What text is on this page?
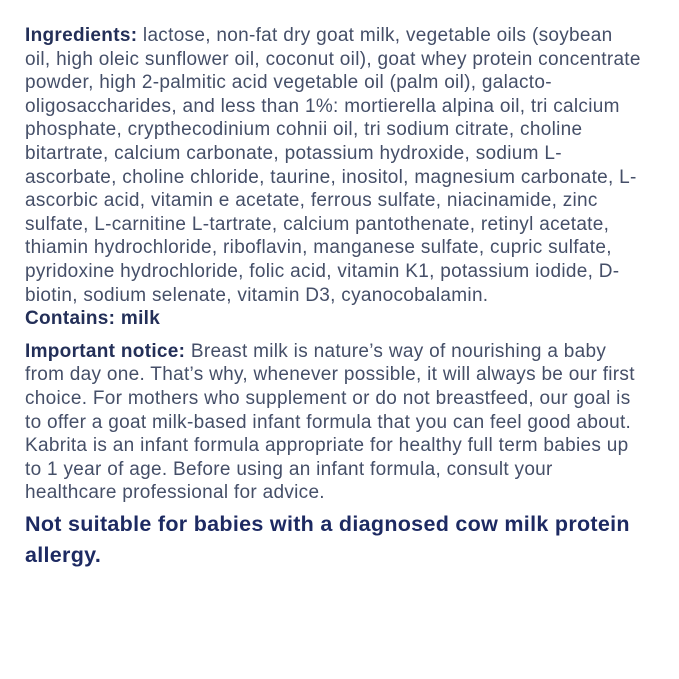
Ingredients: lactose, non-fat dry goat milk, vegetable oils (soybean oil, high oleic sunflower oil, coconut oil), goat whey protein concentrate powder, high 2-palmitic acid vegetable oil (palm oil), galacto-oligosaccharides, and less than 1%: mortierella alpina oil, tri calcium phosphate, crypthecodinium cohnii oil, tri sodium citrate, choline bitartrate, calcium carbonate, potassium hydroxide, sodium L-ascorbate, choline chloride, taurine, inositol, magnesium carbonate, L-ascorbic acid, vitamin e acetate, ferrous sulfate, niacinamide, zinc sulfate, L-carnitine L-tartrate, calcium pantothenate, retinyl acetate, thiamin hydrochloride, riboflavin, manganese sulfate, cupric sulfate, pyridoxine hydrochloride, folic acid, vitamin K1, potassium iodide, D-biotin, sodium selenate, vitamin D3, cyanocobalamin.

Contains: milk

Important notice: Breast milk is nature’s way of nourishing a baby from day one. That’s why, whenever possible, it will always be our first choice. For mothers who supplement or do not breastfeed, our goal is to offer a goat milk-based infant formula that you can feel good about. Kabrita is an infant formula appropriate for healthy full term babies up to 1 year of age. Before using an infant formula, consult your healthcare professional for advice.

Not suitable for babies with a diagnosed cow milk protein allergy.
